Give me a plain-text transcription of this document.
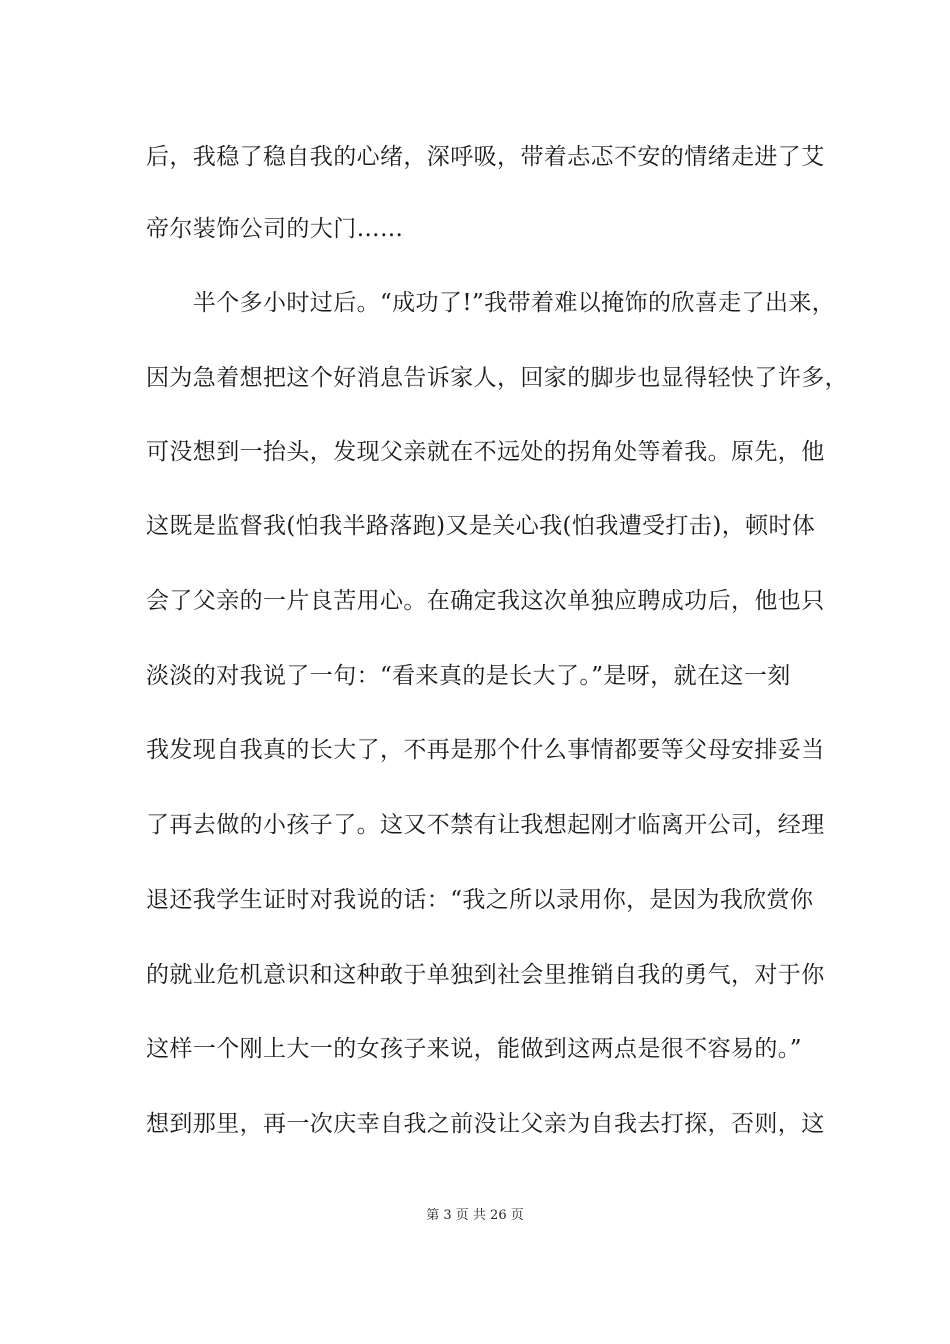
后，我稳了稳自我的心绪，深呼吸，带着忐忑不安的情绪走进了艾
帝尔装饰公司的大门……
　　半个多小时过后。“成功了!”我带着难以掩饰的欣喜走了出来，
因为急着想把这个好消息告诉家人，回家的脚步也显得轻快了许多，
可没想到一抬头，发现父亲就在不远处的拐角处等着我。原先，他
这既是监督我(怕我半路落跑)又是关心我(怕我遭受打击)，顿时体
会了父亲的一片良苦用心。在确定我这次单独应聘成功后，他也只
淡淡的对我说了一句：“看来真的是长大了。”是呀，就在这一刻
我发现自我真的长大了，不再是那个什么事情都要等父母安排妥当
了再去做的小孩子了。这又不禁有让我想起刚才临离开公司，经理
退还我学生证时对我说的话：“我之所以录用你，是因为我欣赏你
的就业危机意识和这种敢于单独到社会里推销自我的勇气，对于你
这样一个刚上大一的女孩子来说，能做到这两点是很不容易的。”
想到那里，再一次庆幸自我之前没让父亲为自我去打探，否则，这
第 3 页 共 26 页
